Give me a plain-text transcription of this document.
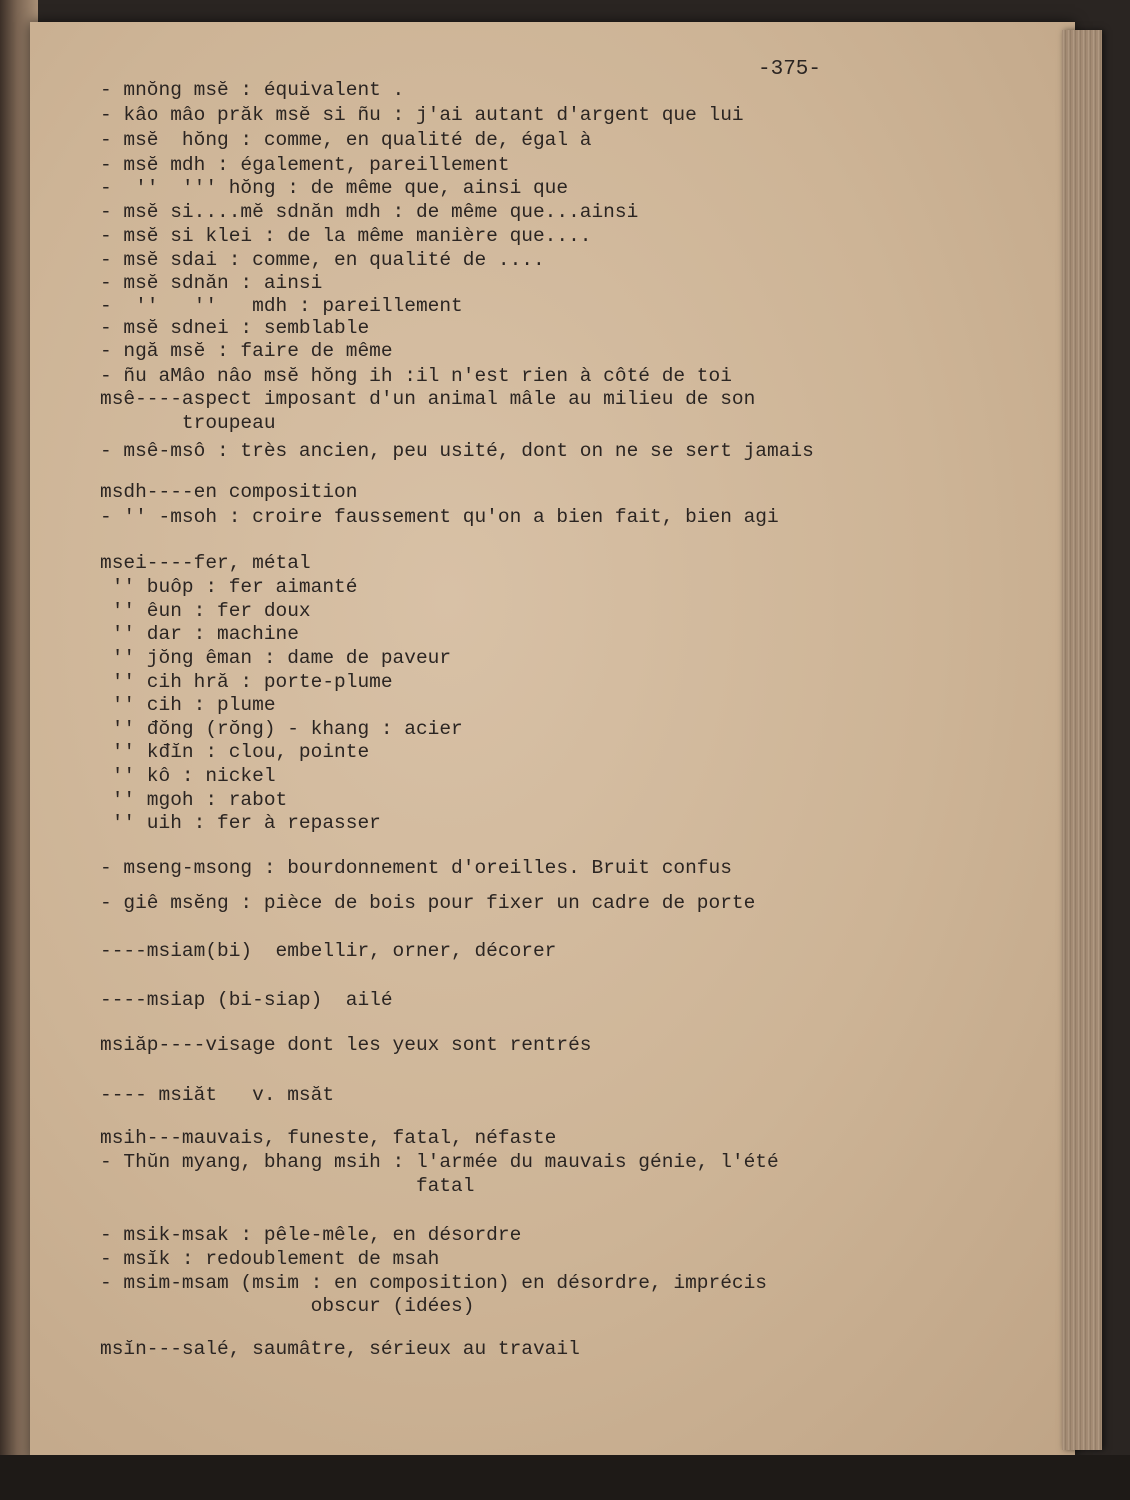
-375-
- mnŏng msĕ : équivalent .
- kâo mâo prăk msĕ si ñu : j'ai autant d'argent que lui
- msĕ  hŏng : comme, en qualité de, égal à
- msĕ mdh : également, pareillement
-  ''  ''' hŏng : de même que, ainsi que
- msĕ si....mĕ sdnăn mdh : de même que...ainsi
- msĕ si klei : de la même manière que....
- msĕ sdai : comme, en qualité de ....
- msĕ sdnăn : ainsi
-  ''   ''   mdh : pareillement
- msĕ sdnei : semblable
- ngă msĕ : faire de même
- ñu aMâo nâo msĕ hŏng ih :il n'est rien à côté de toi
msê----aspect imposant d'un animal mâle au milieu de son
troupeau
- msê-msô : très ancien, peu usité, dont on ne se sert jamais
msdh----en composition
- '' -msoh : croire faussement qu'on a bien fait, bien agi
msei----fer, métal
'' buôp : fer aimanté
'' êun : fer doux
'' dar : machine
'' jŏng êman : dame de paveur
'' cih hră : porte-plume
'' cih : plume
'' đŏng (rŏng) - khang : acier
'' kđĭn : clou, pointe
'' kô : nickel
'' mgoh : rabot
'' uih : fer à repasser
- mseng-msong : bourdonnement d'oreilles. Bruit confus
- giê msĕng : pièce de bois pour fixer un cadre de porte
----msiam(bi)  embellir, orner, décorer
----msiap (bi-siap)  ailé
msiăp----visage dont les yeux sont rentrés
---- msiăt   v. msăt
msih---mauvais, funeste, fatal, néfaste
- Thŭn myang, bhang msih : l'armée du mauvais génie, l'été
fatal
- msik-msak : pêle-mêle, en désordre
- msĭk : redoublement de msah
- msim-msam (msim : en composition) en désordre, imprécis
obscur (idées)
msĭn---salé, saumâtre, sérieux au travail
